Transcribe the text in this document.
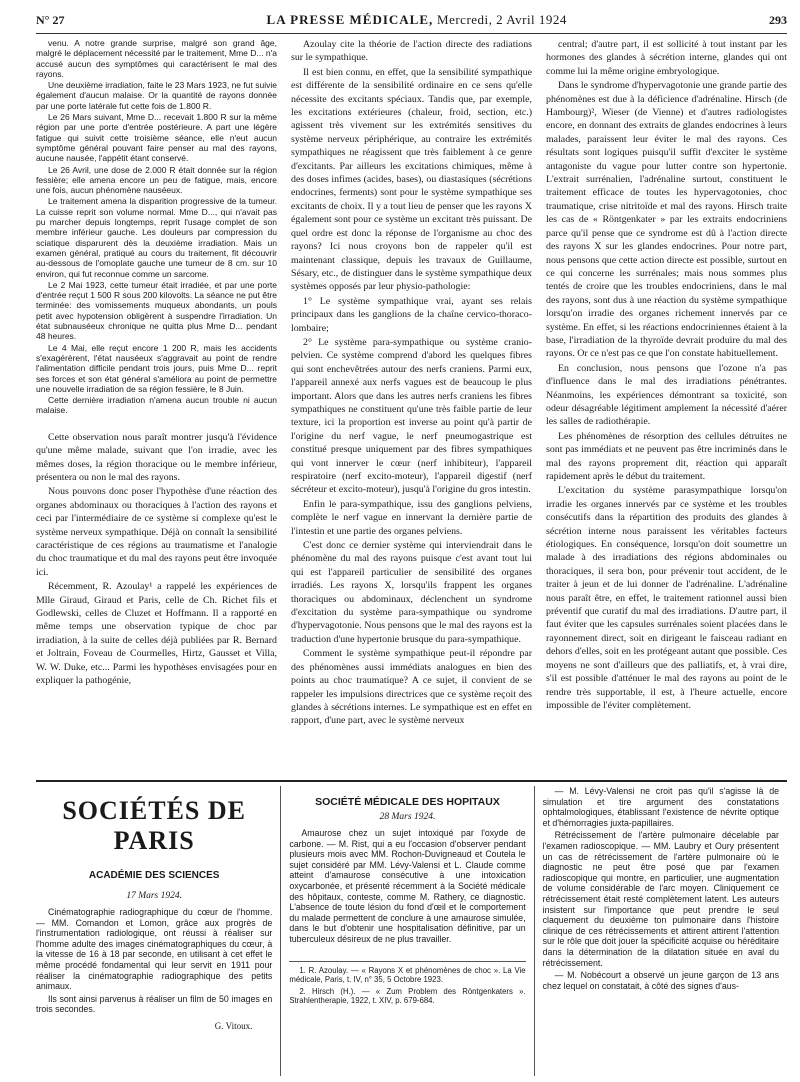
N° 27	LA PRESSE MÉDICALE, Mercredi, 2 Avril 1924	293

venu. A notre grande surprise, malgré son grand âge, malgré le déplacement nécessité par le traitement, Mme D... n'a accusé aucun des symptômes qui caractérisent le mal des rayons.

Une deuxième irradiation, faite le 23 Mars 1923, ne fut suivie également d'aucun malaise. Or la quantité de rayons donnée par une porte latérale fut cette fois de 1.800 R.

Le 26 Mars suivant, Mme D... recevait 1.800 R sur la même région par une porte d'entrée postérieure. A part une légère fatigue qui suivit cette troisième séance, elle n'eut aucun symptôme général pouvant faire penser au mal des rayons, aucune nausée, l'appétit étant conservé.

Le 26 Avril, une dose de 2.000 R était donnée sur la région fessière; elle amena encore un peu de fatigue, mais, encore une fois, aucun phénomène nauséeux.

Le traitement amena la disparition progressive de la tumeur. La cuisse reprit son volume normal. Mme D..., qui n'avait pas pu marcher depuis longtemps, reprit l'usage complet de son membre inférieur gauche. Les douleurs par compression du sciatique disparurent dès la deuxième irradiation. Mais un examen général, pratiqué au cours du traitement, fit découvrir au-dessous de l'omoplate gauche une tumeur de 8 cm. sur 10 environ, qui fut reconnue comme un sarcome.

Le 2 Mai 1923, cette tumeur était irradiée, et par une porte d'entrée reçut 1 500 R sous 200 kilovolts. La séance ne put être terminée: des vomissements muqueux abondants, un pouls petit avec hypotension obligèrent à suspendre l'irradiation. Un état subnauséeux chronique ne quitta plus Mme D... pendant 48 heures.

Le 4 Mai, elle reçut encore 1 200 R, mais les accidents s'exagérèrent, l'état nauséeux s'aggravait au point de rendre l'alimentation difficile pendant trois jours, puis Mme D... reprit ses forces et son état général s'améliora au point de permettre une nouvelle irradiation de sa région fessière, le 8 Juin.

Cette dernière irradiation n'amena aucun trouble ni aucun malaise.

Cette observation nous paraît montrer jusqu'à l'évidence qu'une même malade, suivant que l'on irradie, avec les mêmes doses, la région thoracique ou le membre inférieur, présentera ou non le mal des rayons.

Nous pouvons donc poser l'hypothèse d'une réaction des organes abdominaux ou thoraciques à l'action des rayons et ceci par l'intermédiaire de ce système si complexe qu'est le système nerveux sympathique. Déjà on connaît la sensibilité caractéristique de ces régions au traumatisme et l'analogie du choc traumatique et du mal des rayons peut être invoquée ici.

Récemment, R. Azoulay¹ a rappelé les expériences de Mlle Giraud, Giraud et Paris, celle de Ch. Richet fils et Godlewski, celles de Cluzet et Hoffmann. Il a rapporté en même temps une observation typique de choc par irradiation, à la suite de celles déjà publiées par R. Bernard et Joltrain, Foveau de Courmelles, Hirtz, Gausset et Villa, W. W. Duke, etc... Parmi les hypothèses envisagées pour en expliquer la pathogénie,

Azoulay cite la théorie de l'action directe des radiations sur le sympathique.

Il est bien connu, en effet, que la sensibilité sympathique est différente de la sensibilité ordinaire en ce sens qu'elle nécessite des excitants spéciaux. Tandis que, par exemple, les excitations extérieures (chaleur, froid, section, etc.) agissent très vivement sur les extrémités sensitives du système nerveux périphérique, au contraire les extrémités sympathiques ne réagissent que très faiblement à ce genre d'excitants. Par ailleurs les excitations chimiques, même à des doses infimes (acides, bases), ou diastasiques (sécrétions endocrines, ferments) sont pour le système sympathique ses excitants de choix. Il y a tout lieu de penser que les rayons X également sont pour ce système un excitant très puissant. De quel ordre est donc la réponse de l'organisme au choc des rayons? Ici nous croyons bon de rappeler qu'il est maintenant classique, depuis les travaux de Guillaume, Sésary, etc., de distinguer dans le système sympathique deux systèmes opposés par leur physio-pathologie:

1° Le système sympathique vrai, ayant ses relais principaux dans les ganglions de la chaîne cervico-thoraco-lombaire;

2° Le système para-sympathique ou système cranio-pelvien. Ce système comprend d'abord les quelques fibres qui sont enchevêtrées autour des nerfs craniens. Parmi eux, l'appareil annexé aux nerfs vagues est de beaucoup le plus important. Alors que dans les autres nerfs craniens les fibres sympathiques ne constituent qu'une très faible partie de leur texture, ici la proportion est inverse au point qu'à partir de l'origine du nerf vague, le nerf pneumogastrique est constitué presque uniquement par des fibres sympathiques qui vont innerver le cœur (nerf inhibiteur), l'appareil respiratoire (nerf excito-moteur), l'appareil digestif (nerf sécréteur et excito-moteur), jusqu'à l'origine du gros intestin.

Enfin le para-sympathique, issu des ganglions pelviens, complète le nerf vague en innervant la dernière partie de l'intestin et une partie des organes pelviens.

C'est donc ce dernier système qui interviendrait dans le phénomène du mal des rayons puisque c'est avant tout lui qui est l'appareil particulier de sensibilité des organes irradiés. Les rayons X, lorsqu'ils frappent les organes thoraciques ou abdominaux, déclenchent un syndrome d'excitation du système para-sympathique ou syndrome d'hypervagotonie. Nous pensons que le mal des rayons est la traduction d'une hypertonie brusque du para-sympathique.

Comment le système sympathique peut-il répondre par des phénomènes aussi immédiats analogues en bien des points au choc traumatique? A ce sujet, il convient de se rappeler les impulsions directrices que ce système reçoit des glandes à sécrétions internes. Le sympathique est en effet en rapport, d'une part, avec le système nerveux

central; d'autre part, il est sollicité à tout instant par les hormones des glandes à sécrétion interne, glandes qui ont comme lui la même origine embryologique.

Dans le syndrome d'hypervagotonie une grande partie des phénomènes est due à la déficience d'adrénaline. Hirsch (de Hambourg)², Wieser (de Vienne) et d'autres radiologistes encore, en donnant des extraits de glandes endocrines à leurs malades, paraissent leur éviter le mal des rayons. Ces résultats sont logiques puisqu'il suffit d'exciter le système antagoniste du vague pour lutter contre son hypertonie. L'extrait surrénalien, l'adrénaline surtout, constituent le traitement efficace de toutes les hypervagotonies, choc traumatique, crise nitritoïde et mal des rayons. Hirsch traite les cas de « Röntgenkater » par les extraits endocriniens parce qu'il pense que ce syndrome est dû à l'action directe des rayons X sur les glandes endocrines. Pour notre part, nous pensons que cette action directe est possible, surtout en ce qui concerne les surrénales; mais nous sommes plus tentés de croire que les troubles endocriniens, dans le mal des rayons, sont dus à une réaction du système sympathique lorsqu'on irradie des organes richement innervés par ce système. En effet, si les réactions endocriniennes étaient à la base, l'irradiation de la thyroïde devrait produire du mal des rayons. Or ce n'est pas ce que l'on constate habituellement.

En conclusion, nous pensons que l'ozone n'a pas d'influence dans le mal des irradiations pénétrantes. Néanmoins, les expériences démontrant sa toxicité, son odeur désagréable légitiment amplement la nécessité d'aérer les salles de radiothérapie.

Les phénomènes de résorption des cellules détruites ne sont pas immédiats et ne peuvent pas être incriminés dans le mal des rayons proprement dit, réaction qui apparaît rapidement après le début du traitement.

L'excitation du système parasympathique lorsqu'on irradie les organes innervés par ce système et les troubles consécutifs dans la répartition des produits des glandes à sécrétion interne nous paraissent les véritables facteurs étiologiques. En conséquence, lorsqu'on doit soumettre un malade à des irradiations des régions abdominales ou thoraciques, il sera bon, pour prévenir tout accident, de le traiter à jeun et de lui donner de l'adrénaline. L'adrénaline nous paraît être, en effet, le traitement rationnel aussi bien préventif que curatif du mal des irradiations. D'autre part, il faut éviter que les capsules surrénales soient placées dans le rayonnement direct, soit en dirigeant le faisceau radiant en dehors d'elles, soit en les protégeant autant que possible. Ces moyens ne sont d'ailleurs que des palliatifs, et, à vrai dire, s'il est possible d'atténuer le mal des rayons au point de le rendre très supportable, il est, à l'heure actuelle, encore impossible de l'éviter complètement.

SOCIÉTÉS DE PARIS
ACADÉMIE DES SCIENCES
17 Mars 1924.

Cinématographie radiographique du cœur de l'homme. — MM. Comandon et Lomon, grâce aux progrès de l'instrumentation radiologique, ont réussi à réaliser sur l'homme adulte des images cinématographiques du cœur, à la vitesse de 16 à 18 par seconde, en utilisant à cet effet le même procédé fondamental qui leur servit en 1911 pour réaliser la cinématographie radiographique des petits animaux.

Ils sont ainsi parvenus à réaliser un film de 50 images en trois secondes.

G. Vitoux.
SOCIÉTÉ MÉDICALE DES HOPITAUX
28 Mars 1924.

Amaurose chez un sujet intoxiqué par l'oxyde de carbone. — M. Rist, qui a eu l'occasion d'observer pendant plusieurs mois avec MM. Rochon-Duvigneaud et Coutela le sujet considéré par MM. Lévy-Valensi et L. Claude comme atteint d'amaurose consécutive à une intoxication oxycarbonée, et présenté récemment à la Société médicale des hôpitaux, conteste, comme M. Rathery, ce diagnostic. L'absence de toute lésion du fond d'œil et le comportement du malade permettent de conclure à une amaurose simulée, dans le but d'obtenir une hospitalisation définitive, par un tuberculeux désireux de ne plus travailler.

1. R. Azoulay. — « Rayons X et phénomènes de choc ». La Vie médicale, Paris, t. IV, n° 35, 5 Octobre 1923.

2. Hirsch (H.). — « Zum Problem des Röntgenkaters ». Strahlentherapie, 1922, t. XIV, p. 679-684.

— M. Lévy-Valensi ne croit pas qu'il s'agisse là de simulation et tire argument des constatations ophtalmologiques, établissant l'existence de névrite optique et d'hémorragies juxta-papillaires.

Rétrécissement de l'artère pulmonaire décelable par l'examen radioscopique. — MM. Laubry et Oury présentent un cas de rétrécissement de l'artère pulmonaire où le diagnostic ne peut être posé que par l'examen radioscopique qui montre, en particulier, une augmentation de volume considérable de l'arc moyen. Cliniquement ce rétrécissement était resté complètement latent. Les auteurs insistent sur l'importance que peut prendre le seul claquement du deuxième ton pulmonaire dans l'histoire clinique de ces rétrécissements et attirent attirent l'attention sur le rôle que doit jouer la spécificité acquise ou héréditaire dans la détermination de la dilatation située en aval du rétrécissement.

— M. Nobécourt a observé un jeune garçon de 13 ans chez lequel on constatait, à côté des signes d'aus-
